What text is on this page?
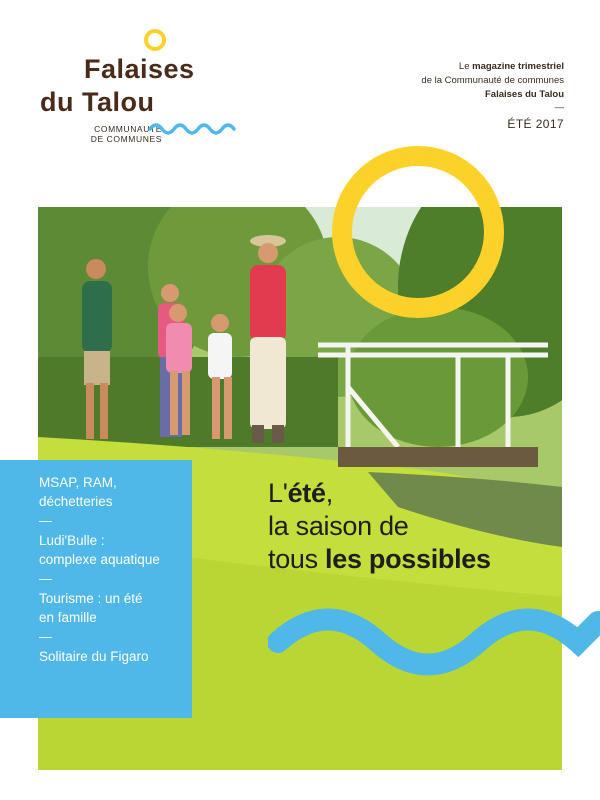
Falaises
du Talou
COMMUNAUTÉ
DE COMMUNES
Le magazine trimestriel
de la Communauté de communes
Falaises du Talou
—
ÉTÉ 2017
MSAP, RAM,
déchetteries
—
Ludi'Bulle :
complexe aquatique
—
Tourisme : un été
en famille
—
Solitaire du Figaro
L'été,
la saison de
tous les possibles
